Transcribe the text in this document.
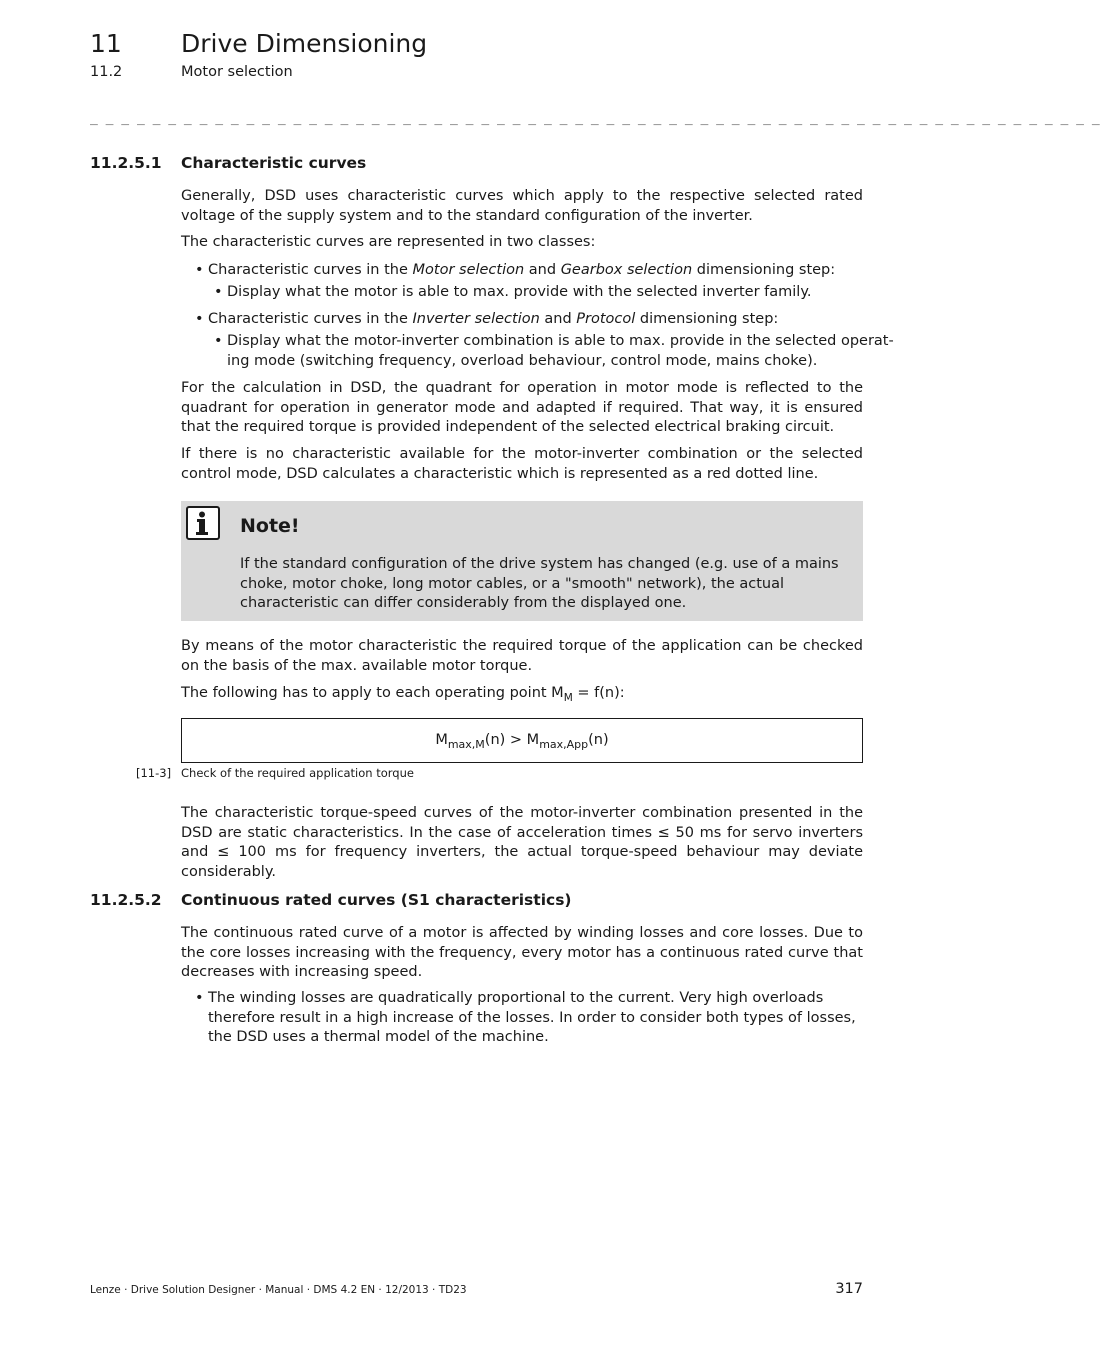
11 Drive Dimensioning
11.2	Motor selection
_ _ _ _ _ _ _ _ _ _ _ _ _ _ _ _ _ _ _ _ _ _ _ _ _ _ _ _ _ _ _ _ _ _ _ _ _ _ _ _ _ _ _ _ _ _ _ _ _ _ _ _ _ _ _ _ _ _ _ _ _ _ _ _ _
11.2.5.1 Characteristic curves
Generally, DSD uses characteristic curves which apply to the respective selected rated voltage of the supply system and to the standard configuration of the inverter.
The characteristic curves are represented in two classes:
• Characteristic curves in the Motor selection and Gearbox selection dimensioning step:
• Display what the motor is able to max. provide with the selected inverter family.
• Characteristic curves in the Inverter selection and Protocol dimensioning step:
• Display what the motor-inverter combination is able to max. provide in the selected operat-
ing mode (switching frequency, overload behaviour, control mode, mains choke).
For the calculation in DSD, the quadrant for operation in motor mode is reflected to the quadrant for operation in generator mode and adapted if required. That way, it is ensured that the required torque is provided independent of the selected electrical braking circuit.
If there is no characteristic available for the motor-inverter combination or the selected control mode, DSD calculates a characteristic which is represented as a red dotted line.
Note!
If the standard configuration of the drive system has changed (e.g. use of a mains choke, motor choke, long motor cables, or a "smooth" network), the actual characteristic can differ considerably from the displayed one.
By means of the motor characteristic the required torque of the application can be checked on the basis of the max. available motor torque.
The following has to apply to each operating point $M_M = f(n)$:
$M_{max,M}(n) > M_{max,App}(n)$
[11-3] Check of the required application torque
The characteristic torque-speed curves of the motor-inverter combination presented in the DSD are static characteristics. In the case of acceleration times ≤ 50 ms for servo inverters and ≤ 100 ms for frequency inverters, the actual torque-speed behaviour may deviate considerably.
11.2.5.2 Continuous rated curves (S1 characteristics)
The continuous rated curve of a motor is affected by winding losses and core losses. Due to the core losses increasing with the frequency, every motor has a continuous rated curve that decreases with increasing speed.
• The winding losses are quadratically proportional to the current. Very high overloads therefore result in a high increase of the losses. In order to consider both types of losses, the DSD uses a thermal model of the machine.
Lenze · Drive Solution Designer · Manual · DMS 4.2 EN · 12/2013 · TD23	317
